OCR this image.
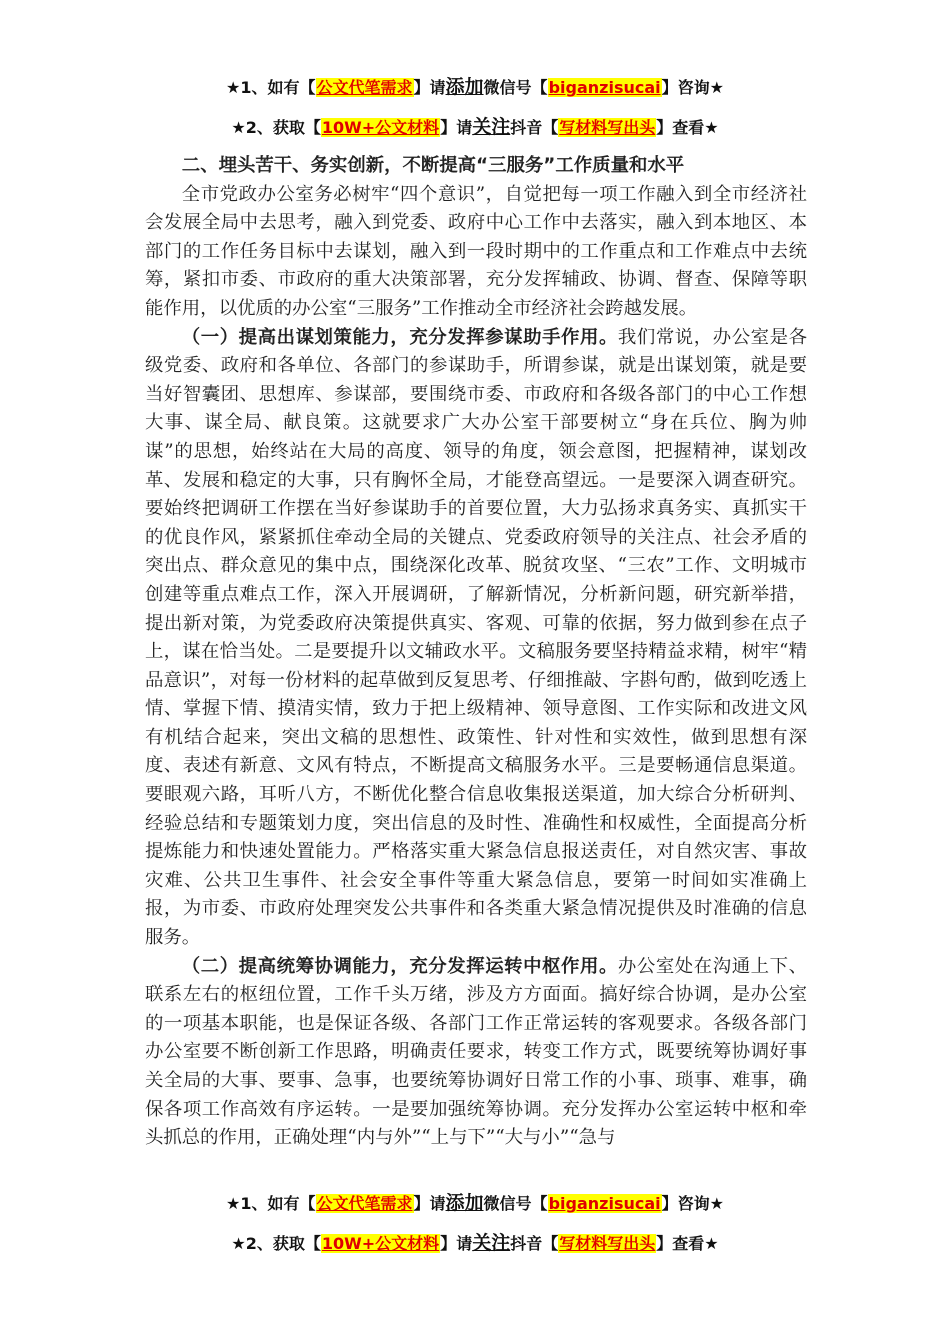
★1、如有【公文代笔需求】请添加微信号【biganzisucai】咨询★
★2、获取【10W+公文材料】请关注抖音【写材料写出头】查看★

二、埋头苦干、务实创新，不断提高“三服务”工作质量和水平

全市党政办公室务必树牢“四个意识”，自觉把每一项工作融入到全市经济社会发展全局中去思考，融入到党委、政府中心工作中去落实，融入到本地区、本部门的工作任务目标中去谋划，融入到一段时期中的工作重点和工作难点中去统筹，紧扣市委、市政府的重大决策部署，充分发挥辅政、协调、督查、保障等职能作用，以优质的办公室“三服务”工作推动全市经济社会跨越发展。

（一）提高出谋划策能力，充分发挥参谋助手作用。我们常说，办公室是各级党委、政府和各单位、各部门的参谋助手，所谓参谋，就是出谋划策，就是要当好智囊团、思想库、参谋部，要围绕市委、市政府和各级各部门的中心工作想大事、谋全局、献良策。这就要求广大办公室干部要树立“身在兵位、胸为帅谋”的思想，始终站在大局的高度、领导的角度，领会意图，把握精神，谋划改革、发展和稳定的大事，只有胸怀全局，才能登高望远。一是要深入调查研究。要始终把调研工作摆在当好参谋助手的首要位置，大力弘扬求真务实、真抓实干的优良作风，紧紧抓住牵动全局的关键点、党委政府领导的关注点、社会矛盾的突出点、群众意见的集中点，围绕深化改革、脱贫攻坚、“三农”工作、文明城市创建等重点难点工作，深入开展调研，了解新情况，分析新问题，研究新举措，提出新对策，为党委政府决策提供真实、客观、可靠的依据，努力做到参在点子上，谋在恰当处。二是要提升以文辅政水平。文稿服务要坚持精益求精，树牢“精品意识”，对每一份材料的起草做到反复思考、仔细推敲、字斟句酌，做到吃透上情、掌握下情、摸清实情，致力于把上级精神、领导意图、工作实际和改进文风有机结合起来，突出文稿的思想性、政策性、针对性和实效性，做到思想有深度、表述有新意、文风有特点，不断提高文稿服务水平。三是要畅通信息渠道。要眼观六路，耳听八方，不断优化整合信息收集报送渠道，加大综合分析研判、经验总结和专题策划力度，突出信息的及时性、准确性和权威性，全面提高分析提炼能力和快速处置能力。严格落实重大紧急信息报送责任，对自然灾害、事故灾难、公共卫生事件、社会安全事件等重大紧急信息，要第一时间如实准确上报，为市委、市政府处理突发公共事件和各类重大紧急情况提供及时准确的信息服务。

（二）提高统筹协调能力，充分发挥运转中枢作用。办公室处在沟通上下、联系左右的枢纽位置，工作千头万绪，涉及方方面面。搞好综合协调，是办公室的一项基本职能，也是保证各级、各部门工作正常运转的客观要求。各级各部门办公室要不断创新工作思路，明确责任要求，转变工作方式，既要统筹协调好事关全局的大事、要事、急事，也要统筹协调好日常工作的小事、琐事、难事，确保各项工作高效有序运转。一是要加强统筹协调。充分发挥办公室运转中枢和牵头抓总的作用，正确处理“内与外”“上与下”“大与小”“急与

★1、如有【公文代笔需求】请添加微信号【biganzisucai】咨询★
★2、获取【10W+公文材料】请关注抖音【写材料写出头】查看★
